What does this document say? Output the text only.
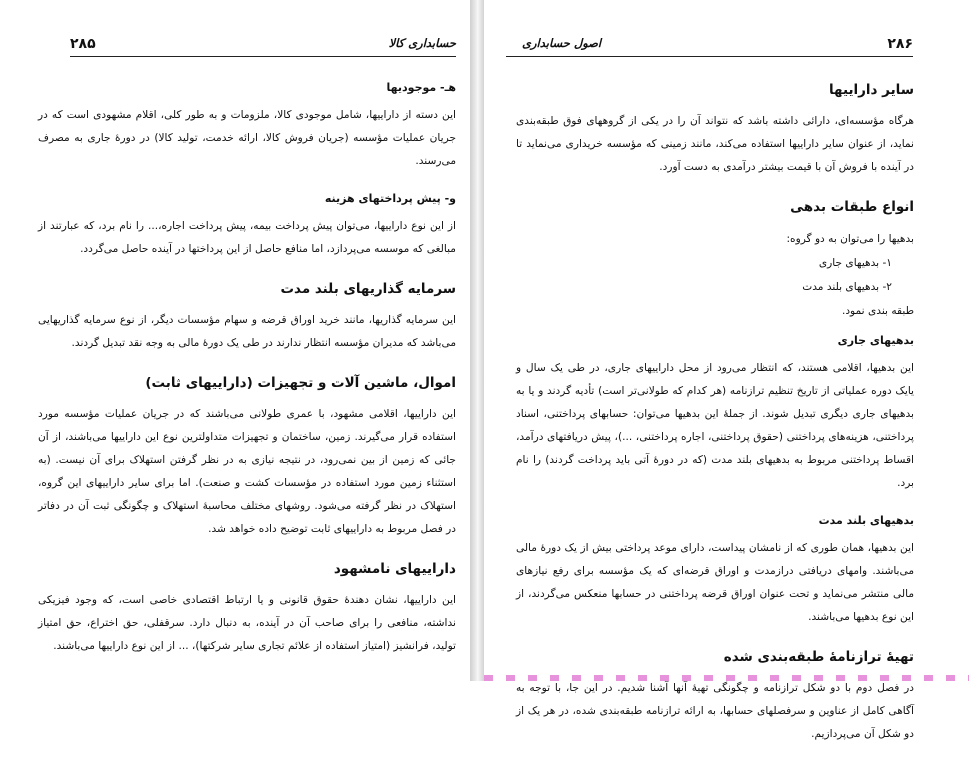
۲۸۵	حسابداری کالا
هـ- موجودیها

این دسته از داراییها، شامل موجودی کالا، ملزومات و به طور کلی، اقلام مشهودی است که در جریان عملیات مؤسسه (جریان فروش کالا، ارائه خدمت، تولید کالا) در دورهٔ جاری به مصرف می‌رسند.

و- پیش پرداختهای هزینه

از این نوع داراییها، می‌توان پیش پرداخت بیمه، پیش پرداخت اجاره،... را نام برد، که عبارتند از مبالغی که موسسه می‌پردازد، اما منافع حاصل از این پرداختها در آینده حاصل می‌گردد.

سرمایه گذاریهای بلند مدت

این سرمایه گذاریها، مانند خرید اوراق قرضه و سهام مؤسسات دیگر، از نوع سرمایه گذاریهایی می‌باشد که مدیران مؤسسه انتظار ندارند در طی یک دورهٔ مالی به وجه نقد تبدیل گردند.

اموال، ماشین آلات و تجهیزات (داراییهای ثابت)

این داراییها، اقلامی مشهود، با عمری طولانی می‌باشند که در جریان عملیات مؤسسه مورد استفاده قرار می‌گیرند. زمین، ساختمان و تجهیزات متداولترین نوع این داراییها می‌باشند، از آن جائی که زمین از بین نمی‌رود، در نتیجه نیازی به در نظر گرفتن استهلاک برای آن نیست. (به استثناء زمین مورد استفاده در مؤسسات کشت و صنعت). اما برای سایر داراییهای این گروه، استهلاک در نظر گرفته می‌شود. روشهای مختلف محاسبهٔ استهلاک و چگونگی ثبت آن در دفاتر در فصل مربوط به داراییهای ثابت توضیح داده خواهد شد.

داراییهای نامشهود

این داراییها، نشان دهندهٔ حقوق قانونی و یا ارتباط اقتصادی خاصی است، که وجود فیزیکی نداشته، منافعی را برای صاحب آن در آینده، به دنبال دارد. سرقفلی، حق اختراع، حق امتیاز تولید، فرانشیز (امتیاز استفاده از علائم تجاری سایر شرکتها)، ... از این نوع داراییها می‌باشند.

۲۸۶
اصول حسابداری
سایر داراییها

هرگاه مؤسسه‌ای، دارائی داشته باشد که نتواند آن را در یکی از گروههای فوق طبقه‌بندی نماید، از عنوان سایر داراییها استفاده می‌کند، مانند زمینی که مؤسسه خریداری می‌نماید تا در آینده با فروش آن با قیمت بیشتر درآمدی به دست آورد.

انواع طبقات بدهی
بدهیها را می‌توان به دو گروه:
۱- بدهیهای جاری
۲- بدهیهای بلند مدت
طبقه بندی نمود.
بدهیهای جاری

این بدهیها، اقلامی هستند، که انتظار می‌رود از محل داراییهای جاری، در طی یک سال و یایک دوره عملیاتی از تاریخ تنظیم ترازنامه (هر کدام که طولانی‌تر است) تأدیه گردند و یا به بدهیهای جاری دیگری تبدیل شوند. از جملهٔ این بدهیها می‌توان: حسابهای پرداختنی، اسناد پرداختنی، هزینه‌های پرداختنی (حقوق پرداختنی، اجاره پرداختنی، ...)، پیش دریافتهای درآمد، اقساط پرداختنی مربوط به بدهیهای بلند مدت (که در دورهٔ آتی باید پرداخت گردند) را نام برد.

بدهیهای بلند مدت

این بدهیها، همان طوری که از نامشان پیداست، دارای موعد پرداختی بیش از یک دورهٔ مالی می‌باشند. وامهای دریافتی درازمدت و اوراق قرضه‌ای که یک مؤسسه برای رفع نیازهای مالی منتشر می‌نماید و تحت عنوان اوراق قرضه پرداختنی در حسابها منعکس می‌گردند، از این نوع بدهیها می‌باشند.

تهیهٔ ترازنامهٔ طبقه‌بندی شده

در فصل دوم با دو شکل ترازنامه و چگونگی تهیهٔ آنها آشنا شدیم. در این جا، با توجه به آگاهی کامل از عناوین و سرفصلهای حسابها، به ارائه ترازنامه طبقه‌بندی شده، در هر یک از دو شکل آن می‌پردازیم.
